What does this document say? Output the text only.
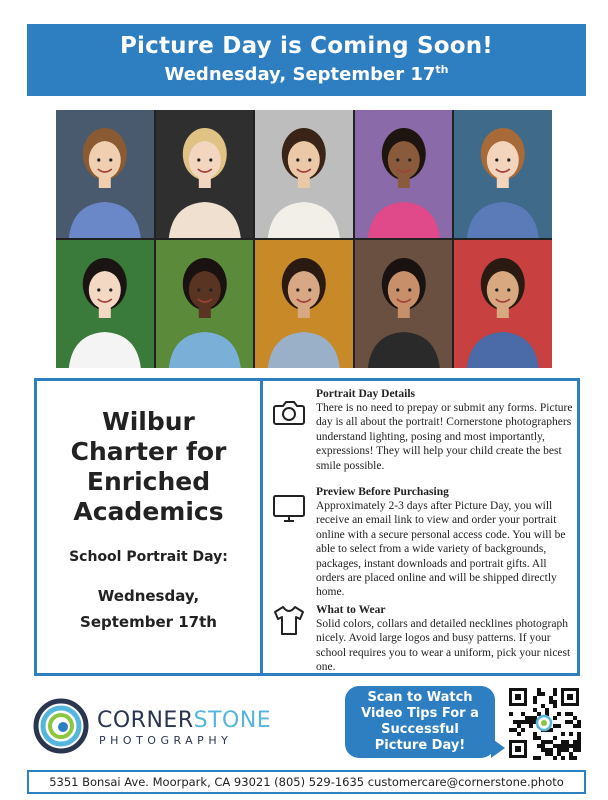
Picture Day is Coming Soon!
Wednesday, September 17th
Wilbur
Charter for
Enriched
Academics
School Portrait Day:
Wednesday,
September 17th
Portrait Day Details
There is no need to prepay or submit any forms. Picture day is all about the portrait! Cornerstone photographers understand lighting, posing and most importantly, expressions! They will help your child create the best smile possible.
Preview Before Purchasing
Approximately 2-3 days after Picture Day, you will receive an email link to view and order your portrait online with a secure personal access code. You will be able to select from a wide variety of backgrounds, packages, instant downloads and portrait gifts. All orders are placed online and will be shipped directly home.
What to Wear
Solid colors, collars and detailed necklines photograph nicely. Avoid large logos and busy patterns. If your school requires you to wear a uniform, pick your nicest one.
CORNERSTONE
PHOTOGRAPHY
Scan to Watch
Video Tips For a
Successful
Picture Day!
5351 Bonsai Ave. Moorpark, CA 93021 (805) 529-1635 customercare@cornerstone.photo
